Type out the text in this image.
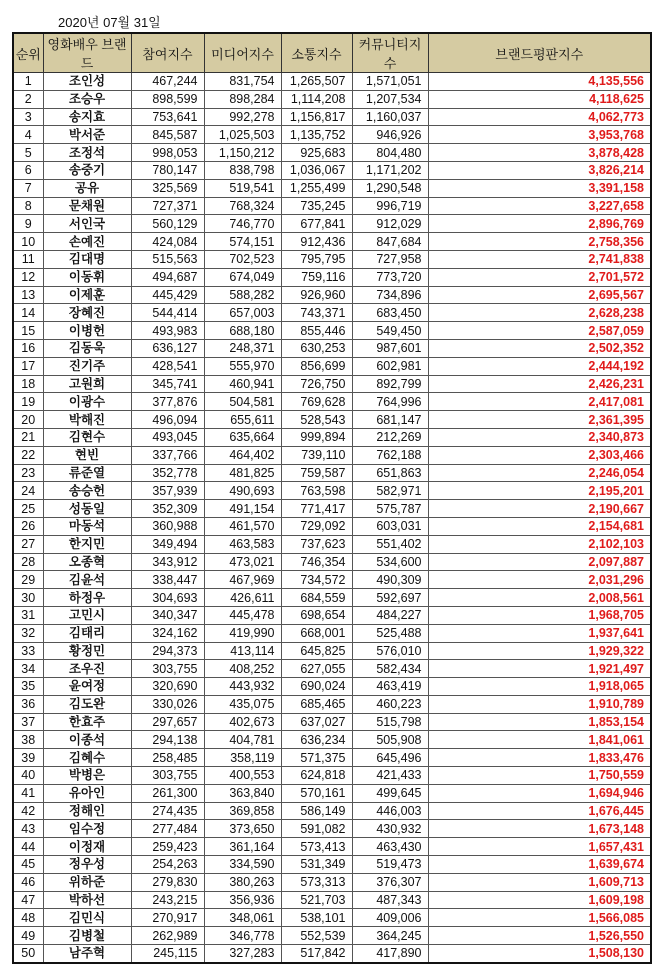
2020년 07월 31일
순위	영화배우 브랜드	참여지수	미디어지수	소통지수	커뮤니티지수	브랜드평판지수
1	조인성	467,244	831,754	1,265,507	1,571,051	4,135,556
2	조승우	898,599	898,284	1,114,208	1,207,534	4,118,625
3	송지효	753,641	992,278	1,156,817	1,160,037	4,062,773
4	박서준	845,587	1,025,503	1,135,752	946,926	3,953,768
5	조정석	998,053	1,150,212	925,683	804,480	3,878,428
6	송중기	780,147	838,798	1,036,067	1,171,202	3,826,214
7	공유	325,569	519,541	1,255,499	1,290,548	3,391,158
8	문채원	727,371	768,324	735,245	996,719	3,227,658
9	서인국	560,129	746,770	677,841	912,029	2,896,769
10	손예진	424,084	574,151	912,436	847,684	2,758,356
11	김대명	515,563	702,523	795,795	727,958	2,741,838
12	이동휘	494,687	674,049	759,116	773,720	2,701,572
13	이제훈	445,429	588,282	926,960	734,896	2,695,567
14	장혜진	544,414	657,003	743,371	683,450	2,628,238
15	이병헌	493,983	688,180	855,446	549,450	2,587,059
16	김동욱	636,127	248,371	630,253	987,601	2,502,352
17	진기주	428,541	555,970	856,699	602,981	2,444,192
18	고원희	345,741	460,941	726,750	892,799	2,426,231
19	이광수	377,876	504,581	769,628	764,996	2,417,081
20	박해진	496,094	655,611	528,543	681,147	2,361,395
21	김현수	493,045	635,664	999,894	212,269	2,340,873
22	현빈	337,766	464,402	739,110	762,188	2,303,466
23	류준열	352,778	481,825	759,587	651,863	2,246,054
24	송승헌	357,939	490,693	763,598	582,971	2,195,201
25	성동일	352,309	491,154	771,417	575,787	2,190,667
26	마동석	360,988	461,570	729,092	603,031	2,154,681
27	한지민	349,494	463,583	737,623	551,402	2,102,103
28	오종혁	343,912	473,021	746,354	534,600	2,097,887
29	김윤석	338,447	467,969	734,572	490,309	2,031,296
30	하정우	304,693	426,611	684,559	592,697	2,008,561
31	고민시	340,347	445,478	698,654	484,227	1,968,705
32	김태리	324,162	419,990	668,001	525,488	1,937,641
33	황정민	294,373	413,114	645,825	576,010	1,929,322
34	조우진	303,755	408,252	627,055	582,434	1,921,497
35	윤여정	320,690	443,932	690,024	463,419	1,918,065
36	김도완	330,026	435,075	685,465	460,223	1,910,789
37	한효주	297,657	402,673	637,027	515,798	1,853,154
38	이종석	294,138	404,781	636,234	505,908	1,841,061
39	김혜수	258,485	358,119	571,375	645,496	1,833,476
40	박병은	303,755	400,553	624,818	421,433	1,750,559
41	유아인	261,300	363,840	570,161	499,645	1,694,946
42	정해인	274,435	369,858	586,149	446,003	1,676,445
43	임수정	277,484	373,650	591,082	430,932	1,673,148
44	이정재	259,423	361,164	573,413	463,430	1,657,431
45	정우성	254,263	334,590	531,349	519,473	1,639,674
46	위하준	279,830	380,263	573,313	376,307	1,609,713
47	박하선	243,215	356,936	521,703	487,343	1,609,198
48	김민식	270,917	348,061	538,101	409,006	1,566,085
49	김병철	262,989	346,778	552,539	364,245	1,526,550
50	남주혁	245,115	327,283	517,842	417,890	1,508,130
